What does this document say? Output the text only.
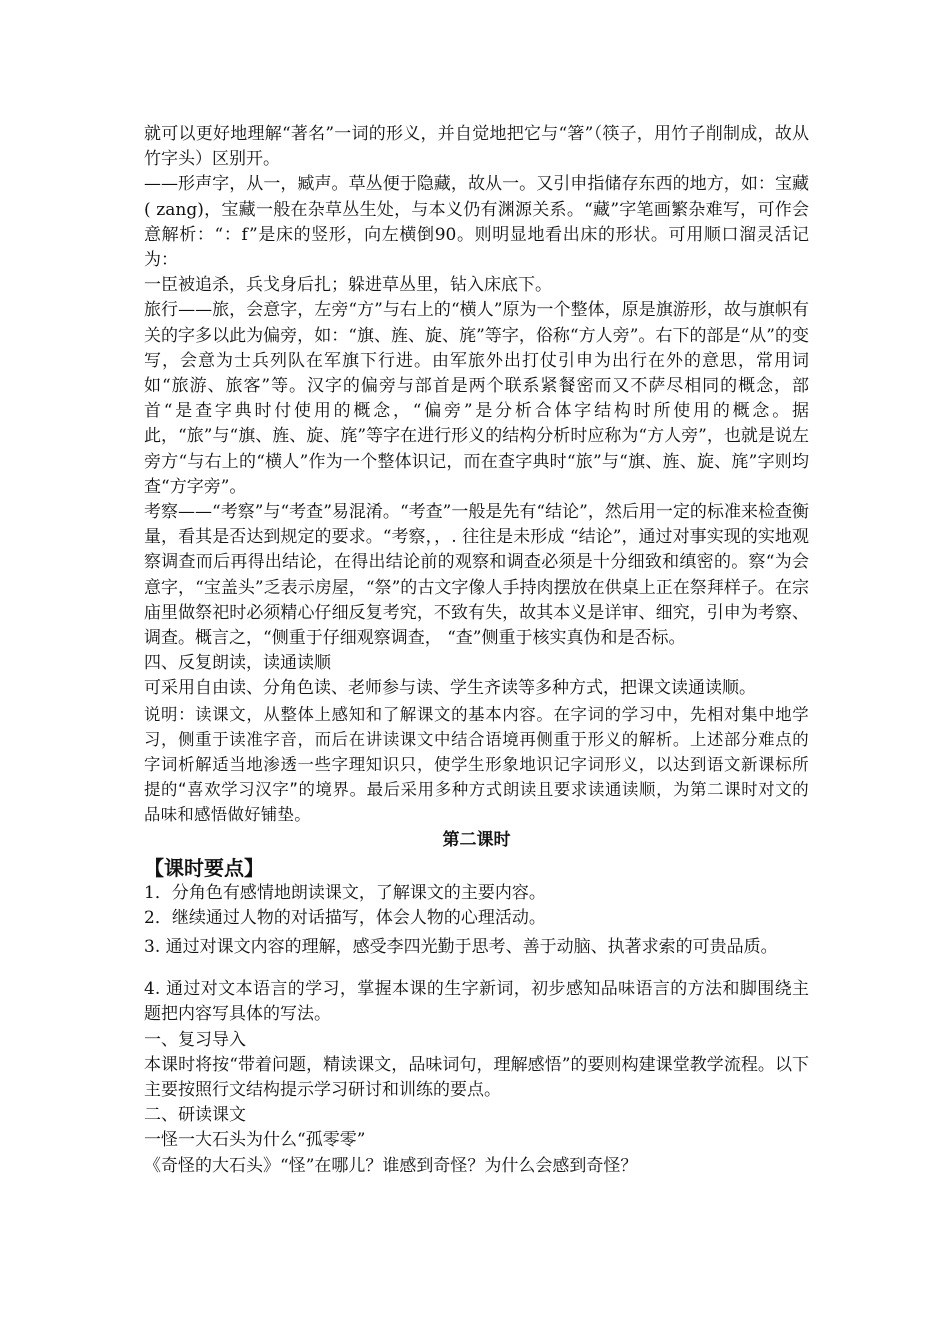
就可以更好地理解“著名”一词的形义，并自觉地把它与“箸”（筷子，用竹子削制成，故从竹字头）区别开。

——形声字，从一，臧声。草丛便于隐藏，故从一。又引申指储存东西的地方，如：宝藏( zang)，宝藏一般在杂草丛生处，与本义仍有渊源关系。“藏”字笔画繁杂难写，可作会意解析：“：f”是床的竖形，向左横倒90。则明显地看出床的形状。可用顺口溜灵活记为：

一臣被追杀，兵戈身后扎；躲进草丛里，钻入床底下。

旅行——旅，会意字，左旁“方”与右上的“横人”原为一个整体，原是旗游形，故与旗帜有关的字多以此为偏旁，如：“旗、旌、旋、旄”等字，俗称“方人旁”。右下的部是“从”的变写，会意为士兵列队在军旗下行进。由军旅外出打仗引申为出行在外的意思，常用词如“旅游、旅客”等。汉字的偏旁与部首是两个联系紧餐密而又不萨尽相同的概念，部首“是查字典时付使用的概念，“偏旁”是分析合体字结构时所使用的概念。据此，“旅”与“旗、旌、旋、旄”等字在进行形义的结构分析时应称为“方人旁”，也就是说左旁方“与右上的“横人”作为一个整体识记，而在查字典时“旅”与“旗、旌、旋、旄”字则均查“方字旁”。

考察——“考察”与“考查”易混淆。“考查”一般是先有“结论”，然后用一定的标准来检查衡量，看其是否达到规定的要求。“考察，，. 往往是未形成 “结论”，通过对事实现的实地观察调查而后再得出结论，在得出结论前的观察和调查必须是十分细致和缜密的。察“为会意字，“宝盖头”乏表示房屋，“祭”的古文字像人手持肉摆放在供桌上正在祭拜样子。在宗庙里做祭祀时必须精心仔细反复考究，不致有失，故其本义是详审、细究，引申为考察、调查。概言之，“侧重于仔细观察调查， “查”侧重于核实真伪和是否标。

四、反复朗读，读通读顺

可采用自由读、分角色读、老师参与读、学生齐读等多种方式，把课文读通读顺。

说明：读课文，从整体上感知和了解课文的基本内容。在字词的学习中，先相对集中地学习，侧重于读准字音，而后在讲读课文中结合语境再侧重于形义的解析。上述部分难点的字词析解适当地渗透一些字理知识只，使学生形象地识记字词形义，以达到语文新课标所提的“喜欢学习汉字”的境界。最后采用多种方式朗读且要求读通读顺，为第二课时对文的品味和感悟做好铺垫。

第二课时

【课时要点】

1．分角色有感情地朗读课文，了解课文的主要内容。

2．继续通过人物的对话描写，体会人物的心理活动。

3. 通过对课文内容的理解，感受李四光勤于思考、善于动脑、执著求索的可贵品质。

4. 通过对文本语言的学习，掌握本课的生字新词，初步感知品味语言的方法和脚围绕主题把内容写具体的写法。

一、复习导入

本课时将按“带着问题，精读课文，品味词句，理解感悟”的要则构建课堂教学流程。以下主要按照行文结构提示学习研讨和训练的要点。

二、研读课文

一怪一大石头为什么“孤零零”

《奇怪的大石头》“怪”在哪儿？谁感到奇怪？为什么会感到奇怪？
